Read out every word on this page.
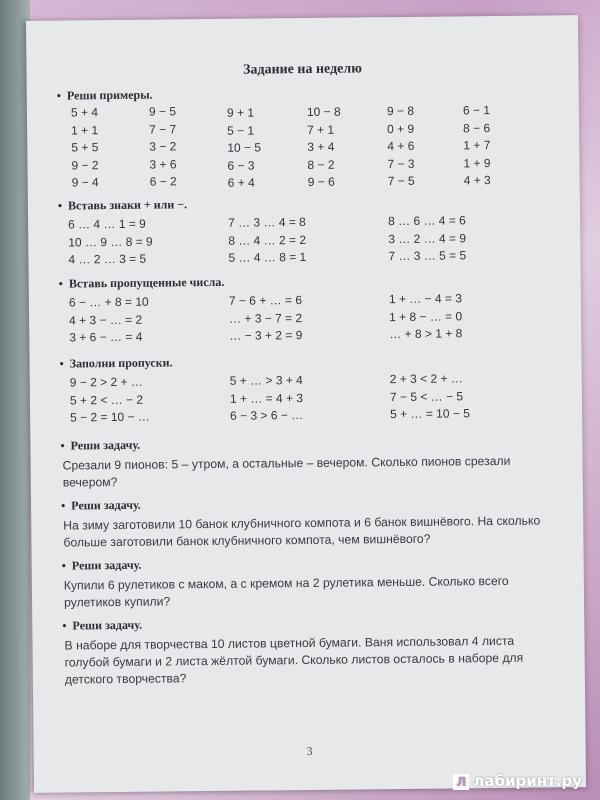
Задание на неделю
• Реши примеры.
5 + 4
1 + 1
5 + 5
9 − 2
9 − 4
9 − 5
7 − 7
3 − 2
3 + 6
6 − 2
9 + 1
5 − 1
10 − 5
6 − 3
6 + 4
10 − 8
7 + 1
3 + 4
8 − 2
9 − 6
9 − 8
0 + 9
4 + 6
7 − 3
7 − 5
6 − 1
8 − 6
1 + 7
1 + 9
4 + 3
• Вставь знаки + или −.
6 … 4 … 1 = 9
10 … 9 … 8 = 9
4 … 2 … 3 = 5
7 … 3 … 4 = 8
8 … 4 … 2 = 2
5 … 4 … 8 = 1
8 … 6 … 4 = 6
3 … 2 … 4 = 9
7 … 3 … 5 = 5
• Вставь пропущенные числа.
6 − … + 8 = 10
4 + 3 − … = 2
3 + 6 − … = 4
7 − 6 + … = 6
… + 3 − 7 = 2
… − 3 + 2 = 9
1 + … − 4 = 3
1 + 8 − … = 0
… + 8 > 1 + 8
• Заполни пропуски.
9 − 2 > 2 + …
5 + 2 < … − 2
5 − 2 = 10 − …
5 + … > 3 + 4
1 + … = 4 + 3
6 − 3 > 6 − …
2 + 3 < 2 + …
7 − 5 < … − 5
5 + … = 10 − 5
• Реши задачу.
Срезали 9 пионов: 5 – утром, а остальные – вечером. Сколько пионов срезали вечером?
• Реши задачу.
На зиму заготовили 10 банок клубничного компота и 6 банок вишнёвого. На сколько больше заготовили банок клубничного компота, чем вишнёвого?
• Реши задачу.
Купили 6 рулетиков с маком, а с кремом на 2 рулетика меньше. Сколько всего рулетиков купили?
• Реши задачу.
В наборе для творчества 10 листов цветной бумаги. Ваня использовал 4 листа голубой бумаги и 2 листа жёлтой бумаги. Сколько листов осталось в наборе для детского творчества?
3
Л лабиринт.ру
